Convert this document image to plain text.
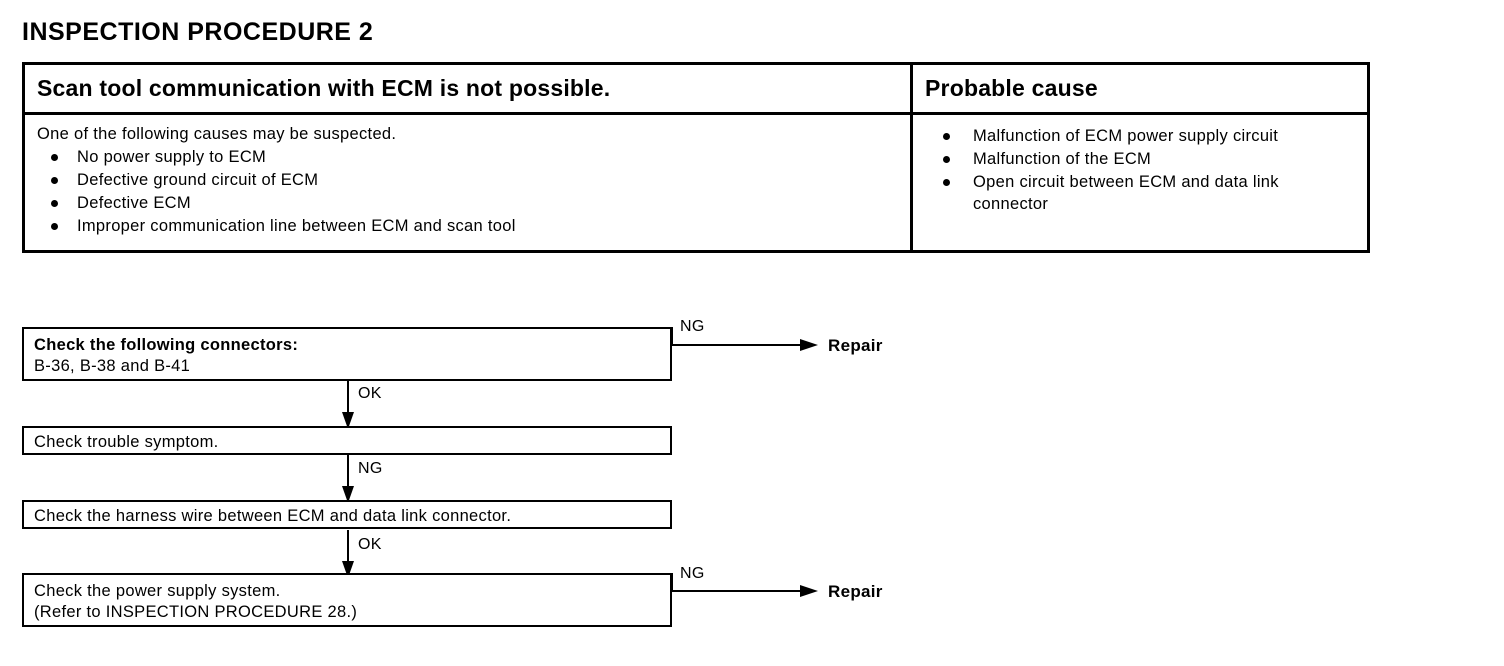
INSPECTION PROCEDURE 2
Scan tool communication with ECM is not possible.	Probable cause

One of the following causes may be suspected.

No power supply to ECM
Defective ground circuit of ECM
Defective ECM
Improper communication line between ECM and scan tool
Malfunction of ECM power supply circuit
Malfunction of the ECM
Open circuit between ECM and data link connector
Check the following connectors:
B-36, B-38 and B-41
NG
Repair
OK
Check trouble symptom.
NG
Check the harness wire between ECM and data link connector.
OK
Check the power supply system.
(Refer to INSPECTION PROCEDURE 28.)
NG
Repair
